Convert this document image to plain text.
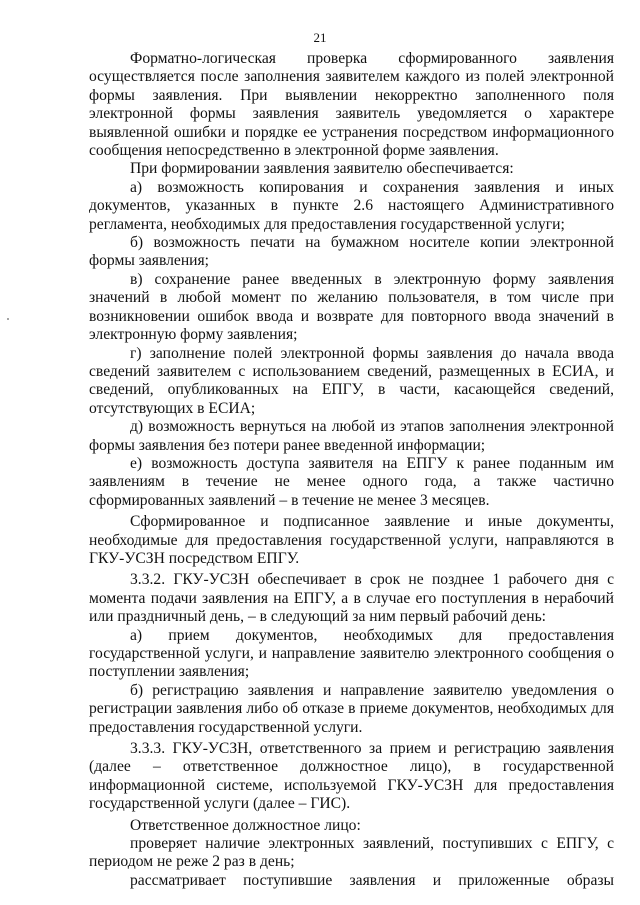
21

Форматно-логическая проверка сформированного заявления осуществляется после заполнения заявителем каждого из полей электронной формы заявления. При выявлении некорректно заполненного поля электронной формы заявления заявитель уведомляется о характере выявленной ошибки и порядке ее устранения посредством информационного сообщения непосредственно в электронной форме заявления.

При формировании заявления заявителю обеспечивается:

а) возможность копирования и сохранения заявления и иных документов, указанных в пункте 2.6 настоящего Административного регламента, необходимых для предоставления государственной услуги;

б) возможность печати на бумажном носителе копии электронной формы заявления;

в) сохранение ранее введенных в электронную форму заявления значений в любой момент по желанию пользователя, в том числе при возникновении ошибок ввода и возврате для повторного ввода значений в электронную форму заявления;

г) заполнение полей электронной формы заявления до начала ввода сведений заявителем с использованием сведений, размещенных в ЕСИА, и сведений, опубликованных на ЕПГУ, в части, касающейся сведений, отсутствующих в ЕСИА;

д) возможность вернуться на любой из этапов заполнения электронной формы заявления без потери ранее введенной информации;

е) возможность доступа заявителя на ЕПГУ к ранее поданным им заявлениям в течение не менее одного года, а также частично сформированных заявлений – в течение не менее 3 месяцев.

Сформированное и подписанное заявление и иные документы, необходимые для предоставления государственной услуги, направляются в ГКУ-УСЗН посредством ЕПГУ.

3.3.2. ГКУ-УСЗН обеспечивает в срок не позднее 1 рабочего дня с момента подачи заявления на ЕПГУ, а в случае его поступления в нерабочий или праздничный день, – в следующий за ним первый рабочий день:

а) прием документов, необходимых для предоставления государственной услуги, и направление заявителю электронного сообщения о поступлении заявления;

б) регистрацию заявления и направление заявителю уведомления о регистрации заявления либо об отказе в приеме документов, необходимых для предоставления государственной услуги.

3.3.3. ГКУ-УСЗН, ответственного за прием и регистрацию заявления (далее – ответственное должностное лицо), в государственной информационной системе, используемой ГКУ-УСЗН для предоставления государственной услуги (далее – ГИС).

Ответственное должностное лицо:

проверяет наличие электронных заявлений, поступивших с ЕПГУ, с периодом не реже 2 раз в день;

рассматривает поступившие заявления и приложенные образы
